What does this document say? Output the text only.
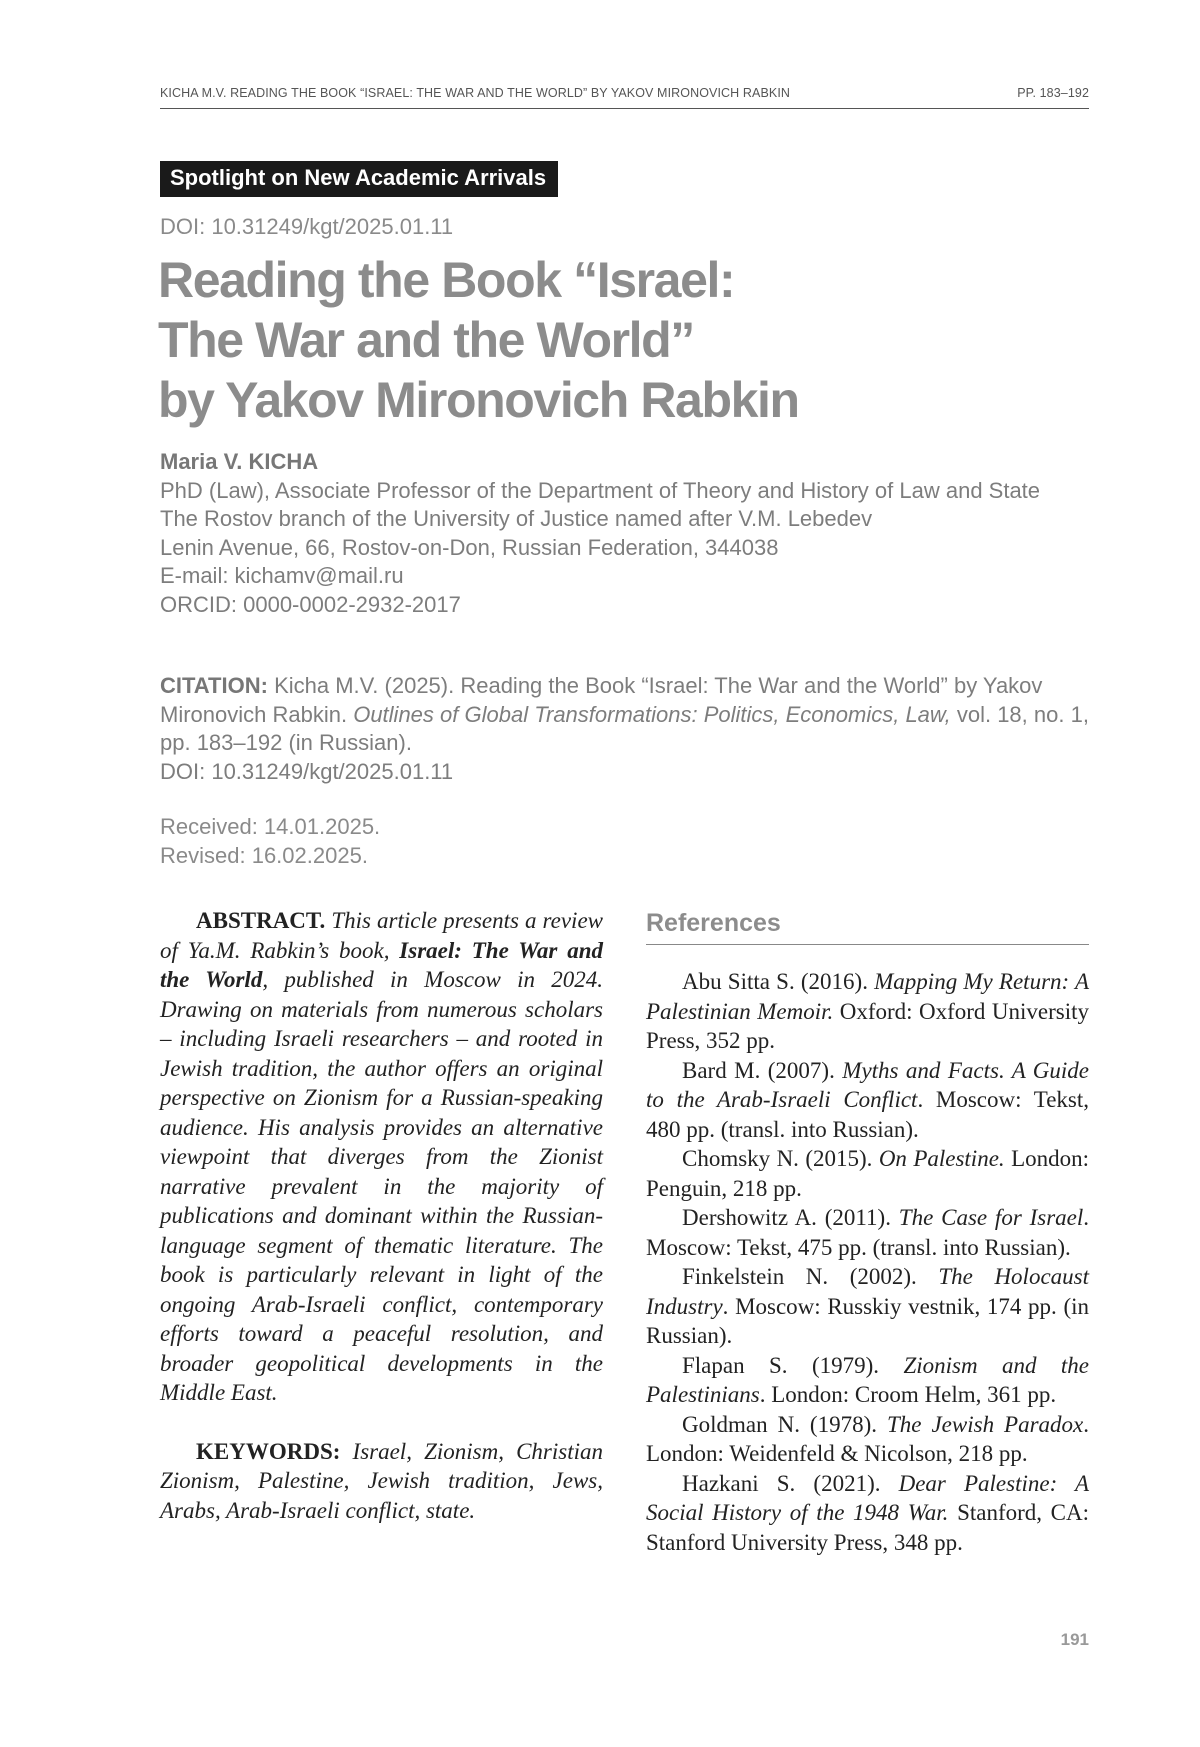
KICHA M.V. READING THE BOOK “ISRAEL: THE WAR AND THE WORLD” BY YAKOV MIRONOVICH RABKIN	PP. 183–192
Spotlight on New Academic Arrivals
DOI: 10.31249/kgt/2025.01.11
Reading the Book “Israel:
The War and the World”
by Yakov Mironovich Rabkin
Maria V. KICHA
PhD (Law), Associate Professor of the Department of Theory and History of Law and State
The Rostov branch of the University of Justice named after V.M. Lebedev
Lenin Avenue, 66, Rostov-on-Don, Russian Federation, 344038
E-mail: kichamv@mail.ru
ORCID: 0000-0002-2932-2017
CITATION: Kicha M.V. (2025). Reading the Book “Israel: The War and the World” by Yakov Mironovich Rabkin. Outlines of Global Transformations: Politics, Economics, Law, vol. 18, no. 1, pp. 183–192 (in Russian).
DOI: 10.31249/kgt/2025.01.11
Received: 14.01.2025.
Revised: 16.02.2025.

ABSTRACT. This article presents a review of Ya.M. Rabkin’s book, Israel: The War and the World, published in Moscow in 2024. Drawing on materials from numerous scholars – including Israeli researchers – and rooted in Jewish tradition, the author offers an original perspective on Zionism for a Russian-speaking audience. His analysis provides an alternative viewpoint that diverges from the Zionist narrative prevalent in the majority of publications and dominant within the Russian-language segment of thematic literature. The book is particularly relevant in light of the ongoing Arab-Israeli conflict, contemporary efforts toward a peaceful resolution, and broader geopolitical developments in the Middle East.

KEYWORDS: Israel, Zionism, Christian Zionism, Palestine, Jewish tradition, Jews, Arabs, Arab-Israeli conflict, state.

References

Abu Sitta S. (2016). Mapping My Return: A Palestinian Memoir. Oxford: Oxford University Press, 352 pp.

Bard M. (2007). Myths and Facts. A Guide to the Arab-Israeli Conflict. Moscow: Tekst, 480 pp. (transl. into Russian).

Chomsky N. (2015). On Palestine. London: Penguin, 218 pp.

Dershowitz A. (2011). The Case for Israel. Moscow: Tekst, 475 pp. (transl. into Russian).

Finkelstein N. (2002). The Holocaust Industry. Moscow: Russkiy vestnik, 174 pp. (in Russian).

Flapan S. (1979). Zionism and the Palestinians. London: Croom Helm, 361 pp.

Goldman N. (1978). The Jewish Paradox. London: Weidenfeld & Nicolson, 218 pp.

Hazkani S. (2021). Dear Palestine: A Social History of the 1948 War. Stanford, CA: Stanford University Press, 348 pp.

191
